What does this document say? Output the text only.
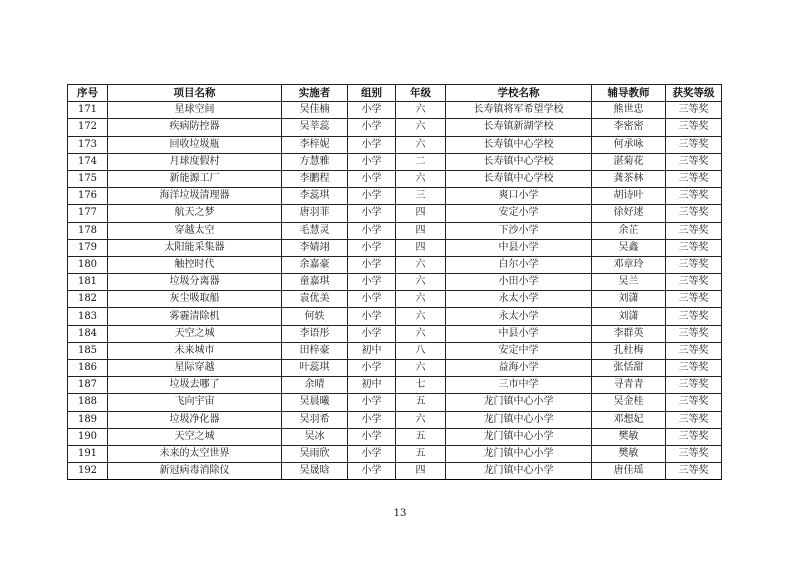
序号	项目名称	实施者	组别	年级	学校名称	辅导教师	获奖等级
171	星球空间	吴佳楠	小学	六	长寿镇将军希望学校	熊世忠	三等奖
172	疾病防控器	吴莘蕊	小学	六	长寿镇新湖学校	李密密	三等奖
173	回收垃圾瓶	李梓妮	小学	六	长寿镇中心学校	何承咏	三等奖
174	月球度假村	方慧雅	小学	二	长寿镇中心学校	湛菊花	三等奖
175	新能源工厂	李鹏程	小学	六	长寿镇中心学校	龚茶林	三等奖
176	海洋垃圾清理器	李蕊琪	小学	三	爽口小学	胡诗叶	三等奖
177	航天之梦	唐羽菲	小学	四	安定小学	徐好逑	三等奖
178	穿越太空	毛慧灵	小学	四	下沙小学	余芷	三等奖
179	太阳能采集器	李婧翊	小学	四	中县小学	吴鑫	三等奖
180	触控时代	余嘉豪	小学	六	白尔小学	邓章玲	三等奖
181	垃圾分离器	童嘉琪	小学	六	小田小学	吴兰	三等奖
182	灰尘吸取船	袁优美	小学	六	永太小学	刘潇	三等奖
183	雾霾清除机	何轶	小学	六	永太小学	刘潇	三等奖
184	天空之城	李语彤	小学	六	中县小学	李群英	三等奖
185	未来城市	田梓豪	初中	八	安定中学	孔杜梅	三等奖
186	星际穿越	叶蕊琪	小学	六	益海小学	张恬甜	三等奖
187	垃圾去哪了	余晴	初中	七	三市中学	寻青青	三等奖
188	飞向宇宙	吴晨曦	小学	五	龙门镇中心小学	吴金桂	三等奖
189	垃圾净化器	吴羽希	小学	六	龙门镇中心小学	邓想妃	三等奖
190	天空之城	吴冰	小学	五	龙门镇中心小学	樊敏	三等奖
191	未来的太空世界	吴雨欣	小学	五	龙门镇中心小学	樊敏	三等奖
192	新冠病毒消除仪	吴晟晗	小学	四	龙门镇中心小学	唐佳瑶	三等奖
13
